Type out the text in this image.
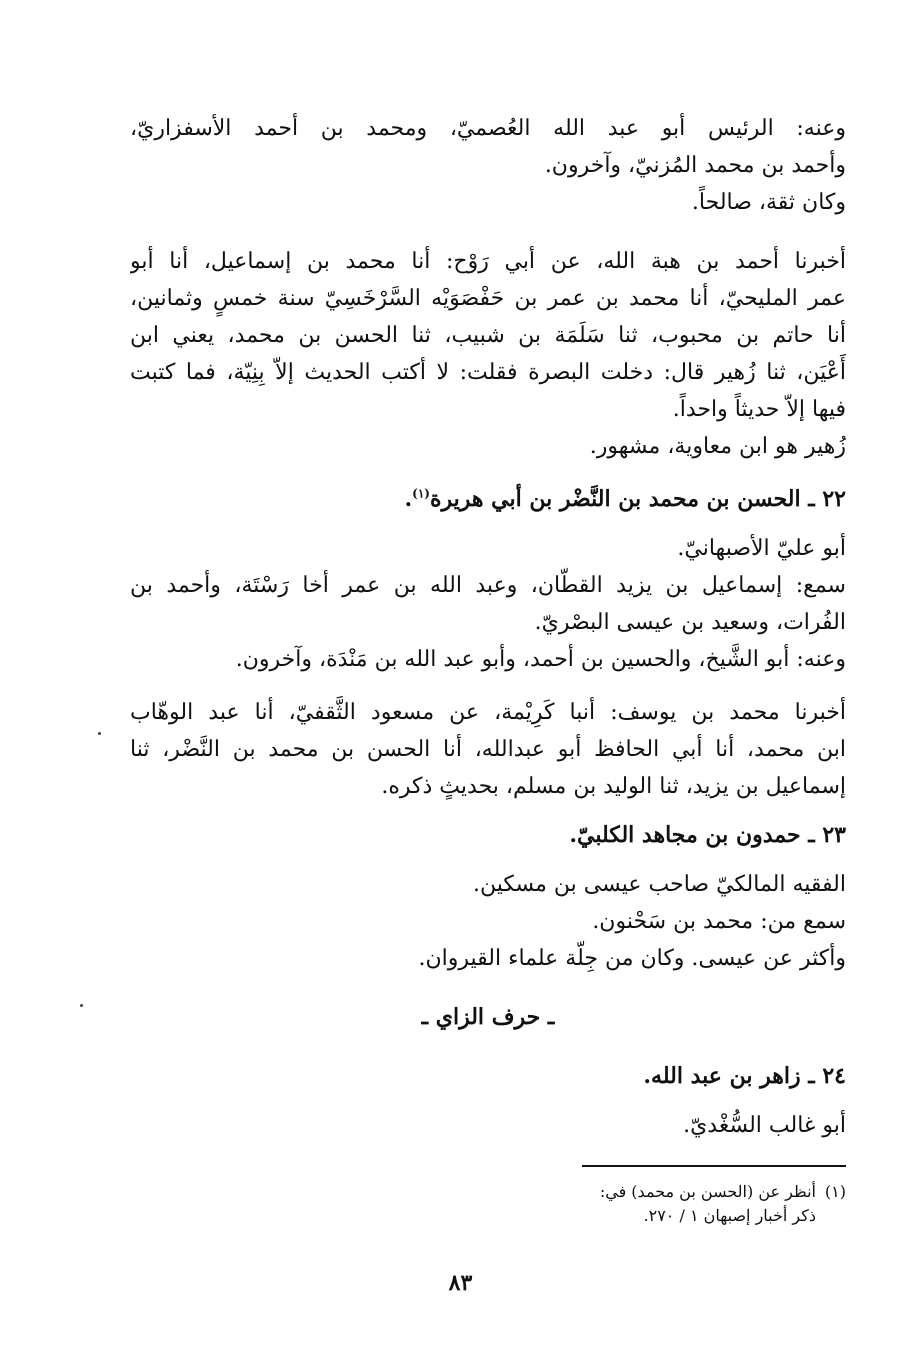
وعنه: الرئيس أبو عبد الله العُصميّ، ومحمد بن أحمد الأسفزاريّ،
وأحمد بن محمد المُزنيّ، وآخرون.
وكان ثقة، صالحاً.
أخبرنا أحمد بن هبة الله، عن أبي رَوْح: أنا محمد بن إسماعيل، أنا أبو
عمر المليحيّ، أنا محمد بن عمر بن حَفْصَوَيْه السَّرْخَسِيّ سنة خمسٍ وثمانين،
أنا حاتم بن محبوب، ثنا سَلَمَة بن شبيب، ثنا الحسن بن محمد، يعني ابن
أَعْيَن، ثنا زُهير قال: دخلت البصرة فقلت: لا أكتب الحديث إلاّ بِنِيّة، فما كتبت
فيها إلاّ حديثاً واحداً.
زُهير هو ابن معاوية، مشهور.
٢٢ ـ الحسن بن محمد بن النَّضْر بن أبي هريرة$^{(١)}$.
أبو عليّ الأصبهانيّ.
سمع: إسماعيل بن يزيد القطّان، وعبد الله بن عمر أخا رَسْتَة، وأحمد بن
الفُرات، وسعيد بن عيسى البصْريّ.
وعنه: أبو الشَّيخ، والحسين بن أحمد، وأبو عبد الله بن مَنْدَة، وآخرون.
أخبرنا محمد بن يوسف: أنبا كَرِيْمة، عن مسعود الثَّقفيّ، أنا عبد الوهّاب
ابن محمد، أنا أبي الحافظ أبو عبدالله، أنا الحسن بن محمد بن النَّضْر، ثنا
إسماعيل بن يزيد، ثنا الوليد بن مسلم، بحديثٍ ذكره.
٢٣ ـ حمدون بن مجاهد الكلبيّ.
الفقيه المالكيّ صاحب عيسى بن مسكين.
سمع من: محمد بن سَحْنون.
وأكثر عن عيسى. وكان من جِلّة علماء القيروان.
ـ حرف الزاي ـ
٢٤ ـ زاهر بن عبد الله.
أبو غالب السُّغْديّ.
(١)أنظر عن (الحسن بن محمد) في:
ذكر أخبار إصبهان ١ / ٢٧٠.
٨٣
